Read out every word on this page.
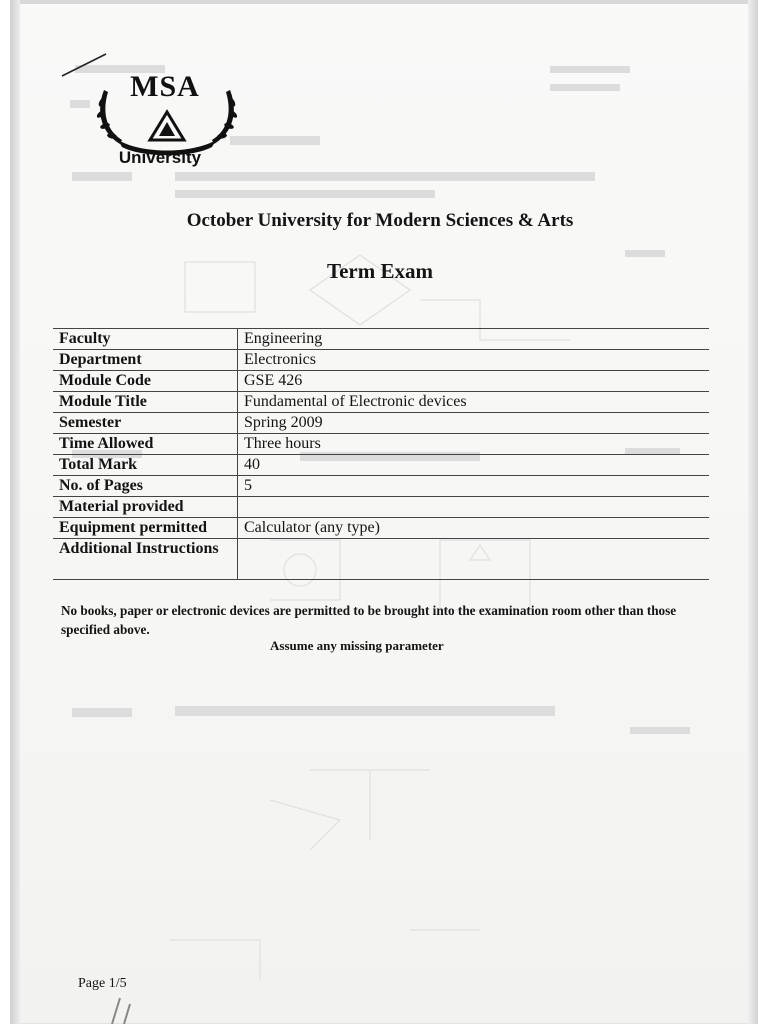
MSA
University
October University for Modern Sciences & Arts
Term Exam
Faculty	Engineering
Department	Electronics
Module Code	GSE 426
Module Title	Fundamental of Electronic devices
Semester	Spring 2009
Time Allowed	Three hours
Total Mark	40
No. of Pages	5
Material provided	
Equipment permitted	Calculator (any type)
Additional Instructions	
No books, paper or electronic devices are permitted to be brought into the examination room other than those specified above.
Assume any missing parameter
Page 1/5
